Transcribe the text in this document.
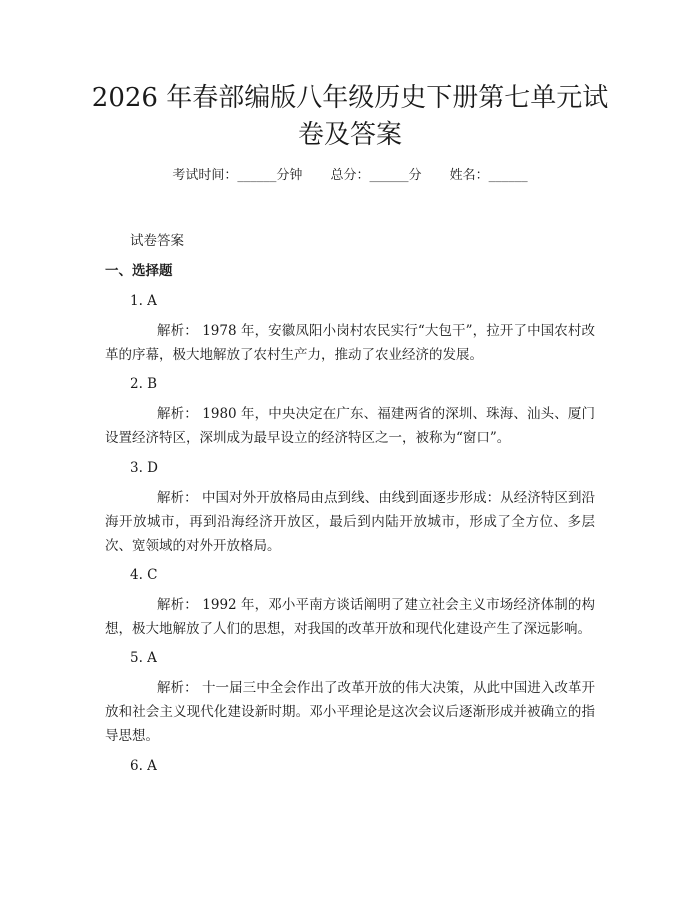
2026 年春部编版八年级历史下册第七单元试
卷及答案
考试时间：______分钟 总分：______分 姓名：______
试卷答案
一、选择题
1. A

解析： 1978 年，安徽凤阳小岗村农民实行“大包干”，拉开了中国农村改革的序幕，极大地解放了农村生产力，推动了农业经济的发展。

2. B

解析： 1980 年，中央决定在广东、福建两省的深圳、珠海、汕头、厦门设置经济特区，深圳成为最早设立的经济特区之一，被称为“窗口”。

3. D

解析： 中国对外开放格局由点到线、由线到面逐步形成：从经济特区到沿海开放城市，再到沿海经济开放区，最后到内陆开放城市，形成了全方位、多层次、宽领域的对外开放格局。

4. C

解析： 1992 年，邓小平南方谈话阐明了建立社会主义市场经济体制的构想，极大地解放了人们的思想，对我国的改革开放和现代化建设产生了深远影响。

5. A

解析： 十一届三中全会作出了改革开放的伟大决策，从此中国进入改革开放和社会主义现代化建设新时期。邓小平理论是这次会议后逐渐形成并被确立的指导思想。

6. A
